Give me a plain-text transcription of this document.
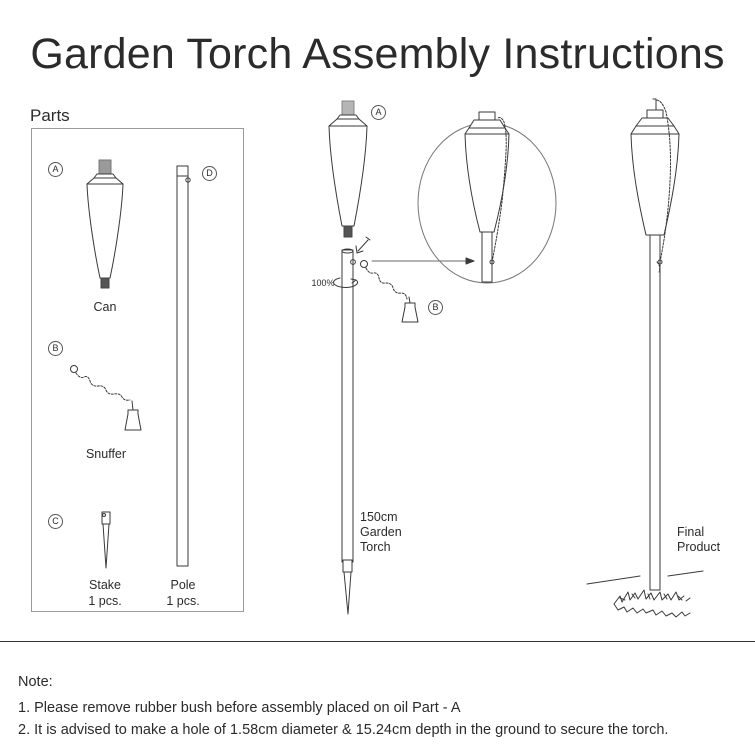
Garden Torch Assembly Instructions
Parts
A
Can
B
Snuffer
C
Stake
1 pcs.
D
Pole
1 pcs.
A
B
100%
150cm
Garden
Torch
Final
Product
Note:
1. Please remove rubber bush before assembly placed on oil Part - A
2. It is advised to make a hole of 1.58cm diameter & 15.24cm depth in the ground to secure the torch.
